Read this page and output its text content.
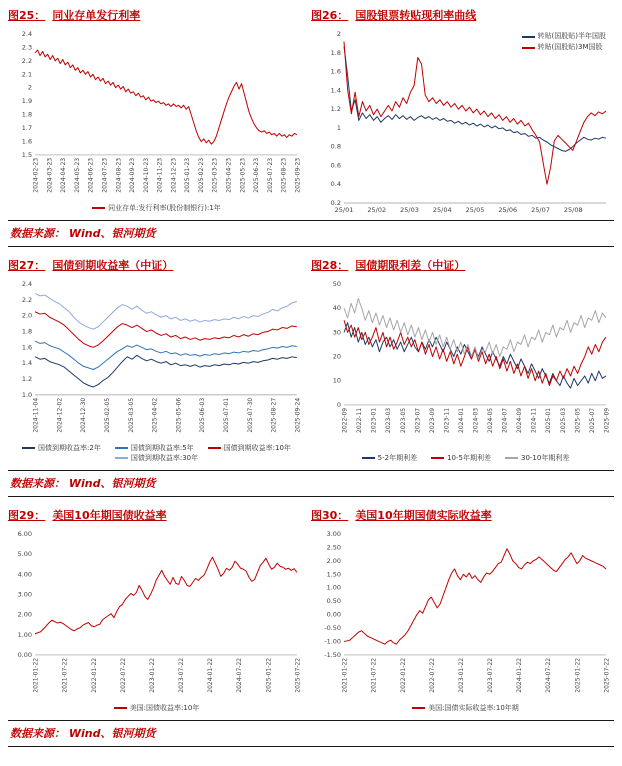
图25： 同业存单发行利率	图26： 国股银票转贴现利率曲线
1.5
1.6
1.7
1.8
1.9
2
2.1
2.2
2.3
2.4
2024-02-23 2024-03-23 2024-04-23 2024-05-23 2024-06-23 2024-07-23 2024-08-23 2024-09-23 2024-10-23 2024-11-23 2024-12-23 2025-01-23 2025-02-23 2025-03-23 2025-04-23 2025-05-23 2025-06-23 2025-07-23 2025-08-23 2025-09-23
同业存单:发行利率(股份制银行):1年
0.2
0.4
0.6
0.8
1
1.2
1.4
1.6
1.8
2
25/01 25/02 25/03 25/04 25/05 25/06 25/07 25/08
转贴(国股贴)半年国股
转贴(国股贴)3M国股
数据来源： Wind、银河期货
图27： 国债到期收益率（中证）	图28： 国债期限利差（中证）
1.0
1.2
1.4
1.6
1.8
2.0
2.2
2.4
2024-11-04	2024-12-02	2024-12-30	2025-02-05	2025-03-05	2025-04-02	2025-05-06	2025-06-03	2025-07-01	2025-07-30	2025-08-27	2025-09-24
国债到期收益率:2年	国债到期收益率:5年	国债到期收益率:10年
国债到期收益率:30年
0
10
20
30
40
50
2022-09 2022-11 2023-01 2023-03 2023-05 2023-07 2023-09 2023-11 2024-01 2024-03 2024-05 2024-07 2024-09 2024-11 2025-01 2025-03 2025-05 2025-07 2025-09
5-2年期利差	10-5年期利差	30-10年期利差
数据来源： Wind、银河期货
图29： 美国10年期国债收益率	图30： 美国10年期国债实际收益率
0.00
1.00
2.00
3.00
4.00
5.00
6.00
2021-01-22	2021-07-22	2022-01-22	2022-07-22	2023-01-22	2023-07-22	2024-01-22	2024-07-22	2025-01-22	2025-07-22
美国:国债收益率:10年
-1.50
-1.00
-0.50
0.00
0.50
1.00
1.50
2.00
2.50
3.00
2021-01-22	2021-07-22	2022-01-22	2022-07-22	2023-01-22	2023-07-22	2024-01-22	2024-07-22	2025-01-22	2025-07-22
美国:国债实际收益率:10年期
数据来源： Wind、银河期货
